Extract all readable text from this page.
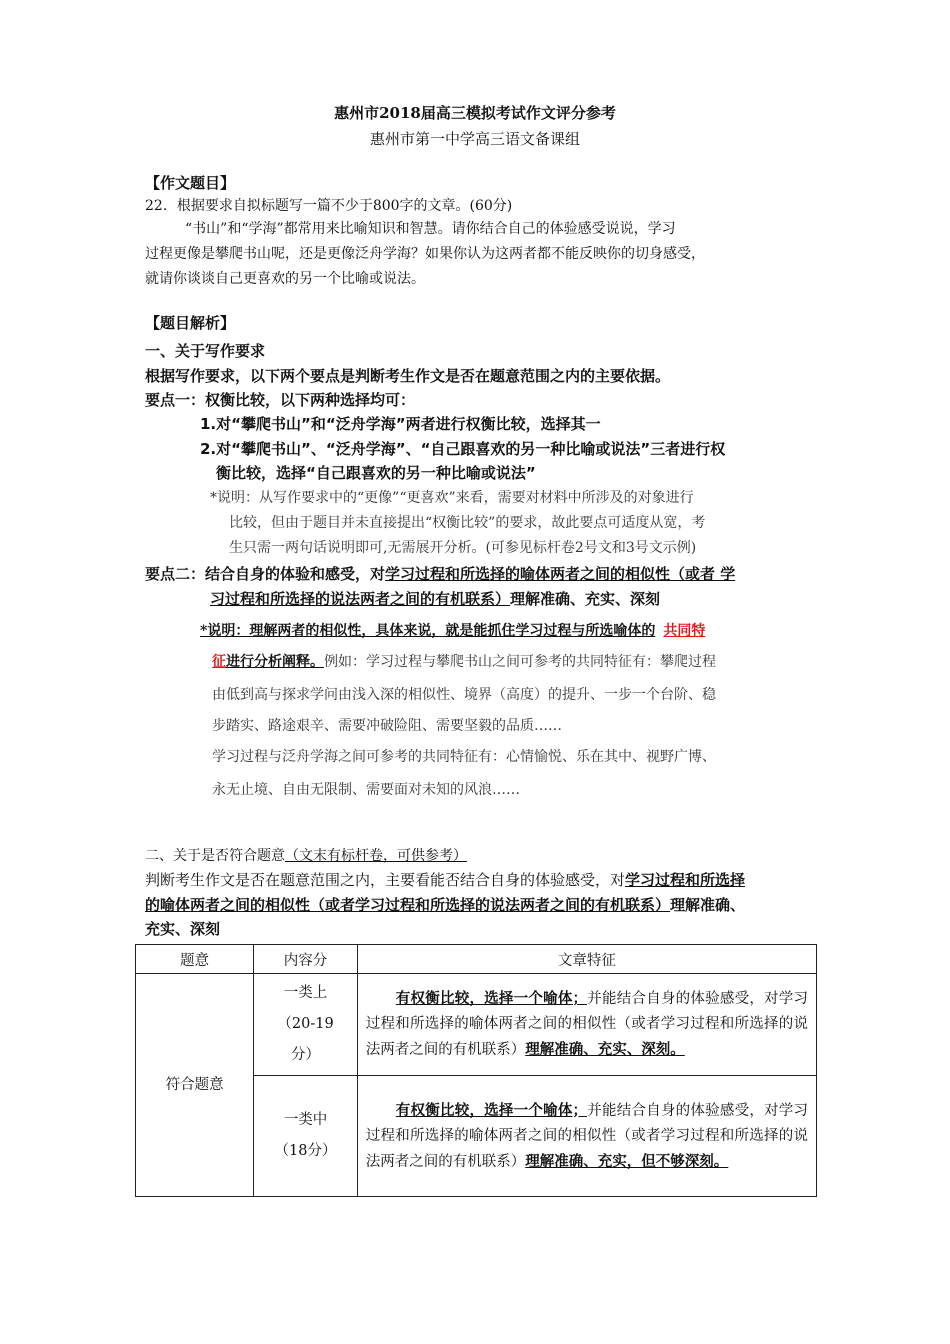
惠州市2018届高三模拟考试作文评分参考
惠州市第一中学高三语文备课组
【作文题目】
22．根据要求自拟标题写一篇不少于800字的文章。(60分)
“书山”和“学海”都常用来比喻知识和智慧。请你结合自己的体验感受说说，学习
过程更像是攀爬书山呢，还是更像泛舟学海？如果你认为这两者都不能反映你的切身感受，
就请你谈谈自己更喜欢的另一个比喻或说法。
【题目解析】
一、关于写作要求
根据写作要求，以下两个要点是判断考生作文是否在题意范围之内的主要依据。
要点一：权衡比较，以下两种选择均可：
1.对“攀爬书山”和“泛舟学海”两者进行权衡比较，选择其一
2.对“攀爬书山”、“泛舟学海”、“自己跟喜欢的另一种比喻或说法”三者进行权
衡比较，选择“自己跟喜欢的另一种比喻或说法”
*说明：从写作要求中的“更像”“更喜欢”来看，需要对材料中所涉及的对象进行
比较，但由于题目并未直接提出“权衡比较”的要求，故此要点可适度从宽，考
生只需一两句话说明即可,无需展开分析。(可参见标杆卷2号文和3号文示例)
要点二：结合自身的体验和感受，对学习过程和所选择的喻体两者之间的相似性（或者 学
习过程和所选择的说法两者之间的有机联系）理解准确、充实、深刻
*说明：理解两者的相似性，具体来说，就是能抓住学习过程与所选喻体的 共同特
征进行分析阐释。例如：学习过程与攀爬书山之间可参考的共同特征有：攀爬过程
由低到高与探求学问由浅入深的相似性、境界（高度）的提升、一步一个台阶、稳
步踏实、路途艰辛、需要冲破险阻、需要坚毅的品质……
学习过程与泛舟学海之间可参考的共同特征有：心情愉悦、乐在其中、视野广博、
永无止境、自由无限制、需要面对未知的风浪……
二、关于是否符合题意（文末有标杆卷，可供参考）
判断考生作文是否在题意范围之内，主要看能否结合自身的体验感受，对学习过程和所选择
的喻体两者之间的相似性（或者学习过程和所选择的说法两者之间的有机联系）理解准确、
充实、深刻
题意	内容分	文章特征
符合题意	一类上
（20-19
分）	有权衡比较，选择一个喻体；并能结合自身的体验感受，对学习过程和所选择的喻体两者之间的相似性（或者学习过程和所选择的说法两者之间的有机联系）理解准确、充实、深刻。

	一类中
（18分）	有权衡比较，选择一个喻体；并能结合自身的体验感受，对学习过程和所选择的喻体两者之间的相似性（或者学习过程和所选择的说法两者之间的有机联系）理解准确、充实，但不够深刻。
